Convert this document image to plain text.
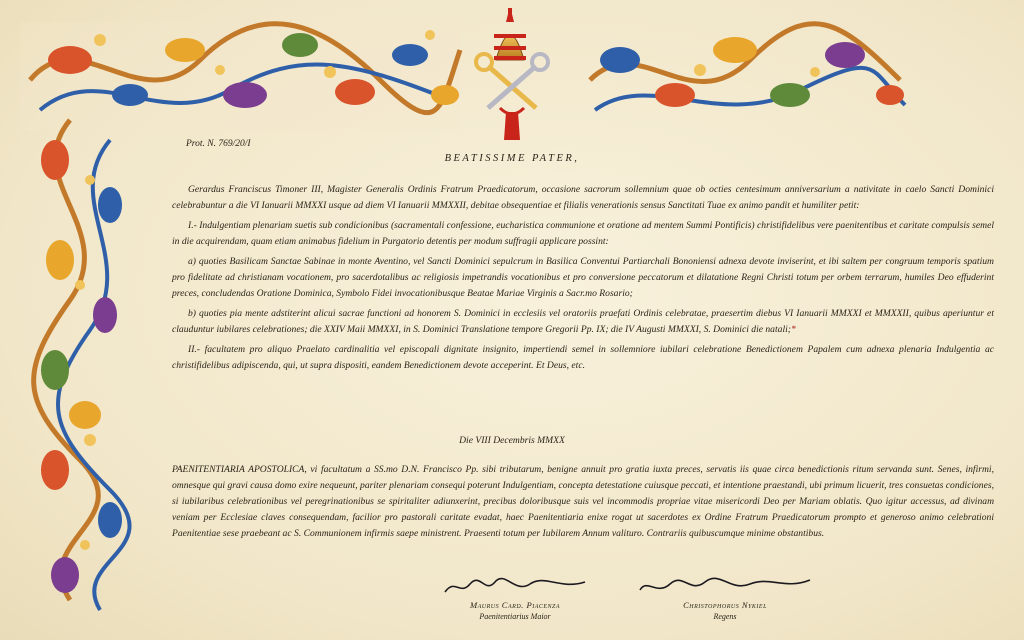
Prot. N. 769/20/I
BEATISSIME PATER,

Gerardus Franciscus Timoner III, Magister Generalis Ordinis Fratrum Praedicatorum, occasione sacrorum sollemnium quae ob octies centesimum anniversarium a nativitate in caelo Sancti Dominici celebrabuntur a die VI Ianuarii MMXXI usque ad diem VI Ianuarii MMXXII, debitae obsequentiae et filialis venerationis sensus Sanctitati Tuae ex animo pandit et humiliter petit:

I.- Indulgentiam plenariam suetis sub condicionibus (sacramentali confessione, eucharistica communione et oratione ad mentem Summi Pontificis) christifidelibus vere paenitentibus et caritate compulsis semel in die acquirendam, quam etiam animabus fidelium in Purgatorio detentis per modum suffragii applicare possint:

a) quoties Basilicam Sanctae Sabinae in monte Aventino, vel Sancti Dominici sepulcrum in Basilica Conventui Partiarchali Bononiensi adnexa devote inviserint, et ibi saltem per congruum temporis spatium pro fidelitate ad christianam vocationem, pro sacerdotalibus ac religiosis impetrandis vocationibus et pro conversione peccatorum et dilatatione Regni Christi totum per orbem terrarum, humiles Deo effuderint preces, concludendas Oratione Dominica, Symbolo Fidei invocationibusque Beatae Mariae Virginis a Sacr.mo Rosario;

b) quoties pia mente adstiterint alicui sacrae functioni ad honorem S. Dominici in ecclesiis vel oratoriis praefati Ordinis celebratae, praesertim diebus VI Ianuarii MMXXI et MMXXII, quibus aperiuntur et clauduntur iubilares celebrationes; die XXIV Maii MMXXI, in S. Dominici Translatione tempore Gregorii Pp. IX; die IV Augusti MMXXI, S. Dominici die natali;*

II.- facultatem pro aliquo Praelato cardinalitia vel episcopali dignitate insignito, impertiendi semel in sollemniore iubilari celebratione Benedictionem Papalem cum adnexa plenaria Indulgentia ac christifidelibus adipiscenda, qui, ut supra dispositi, eandem Benedictionem devote acceperint. Et Deus, etc.

Die VIII Decembris MMXX
PAENITENTIARIA APOSTOLICA, vi facultatum a SS.mo D.N. Francisco Pp. sibi tributarum, benigne annuit pro gratia iuxta preces, servatis iis quae circa benedictionis ritum servanda sunt. Senes, infirmi, omnesque qui gravi causa domo exire nequeunt, pariter plenariam consequi poterunt Indulgentiam, concepta detestatione cuiusque peccati, et intentione praestandi, ubi primum licuerit, tres consuetas condiciones, si iubilaribus celebrationibus vel peregrinationibus se spiritaliter adiunxerint, precibus doloribusque suis vel incommodis propriae vitae misericordi Deo per Mariam oblatis. Quo igitur accessus, ad divinam veniam per Ecclesiae claves consequendam, facilior pro pastorali caritate evadat, haec Paenitentiaria enixe rogat ut sacerdotes ex Ordine Fratrum Praedicatorum prompto et generoso animo celebrationi Paenitentiae sese praebeant ac S. Communionem infirmis saepe ministrent. Praesenti totum per Iubilarem Annum valituro. Contrariis quibuscumque minime obstantibus.
Maurus Card. Piacenza
Paenitentiarius Maior
Christophorus Nykiel
Regens
